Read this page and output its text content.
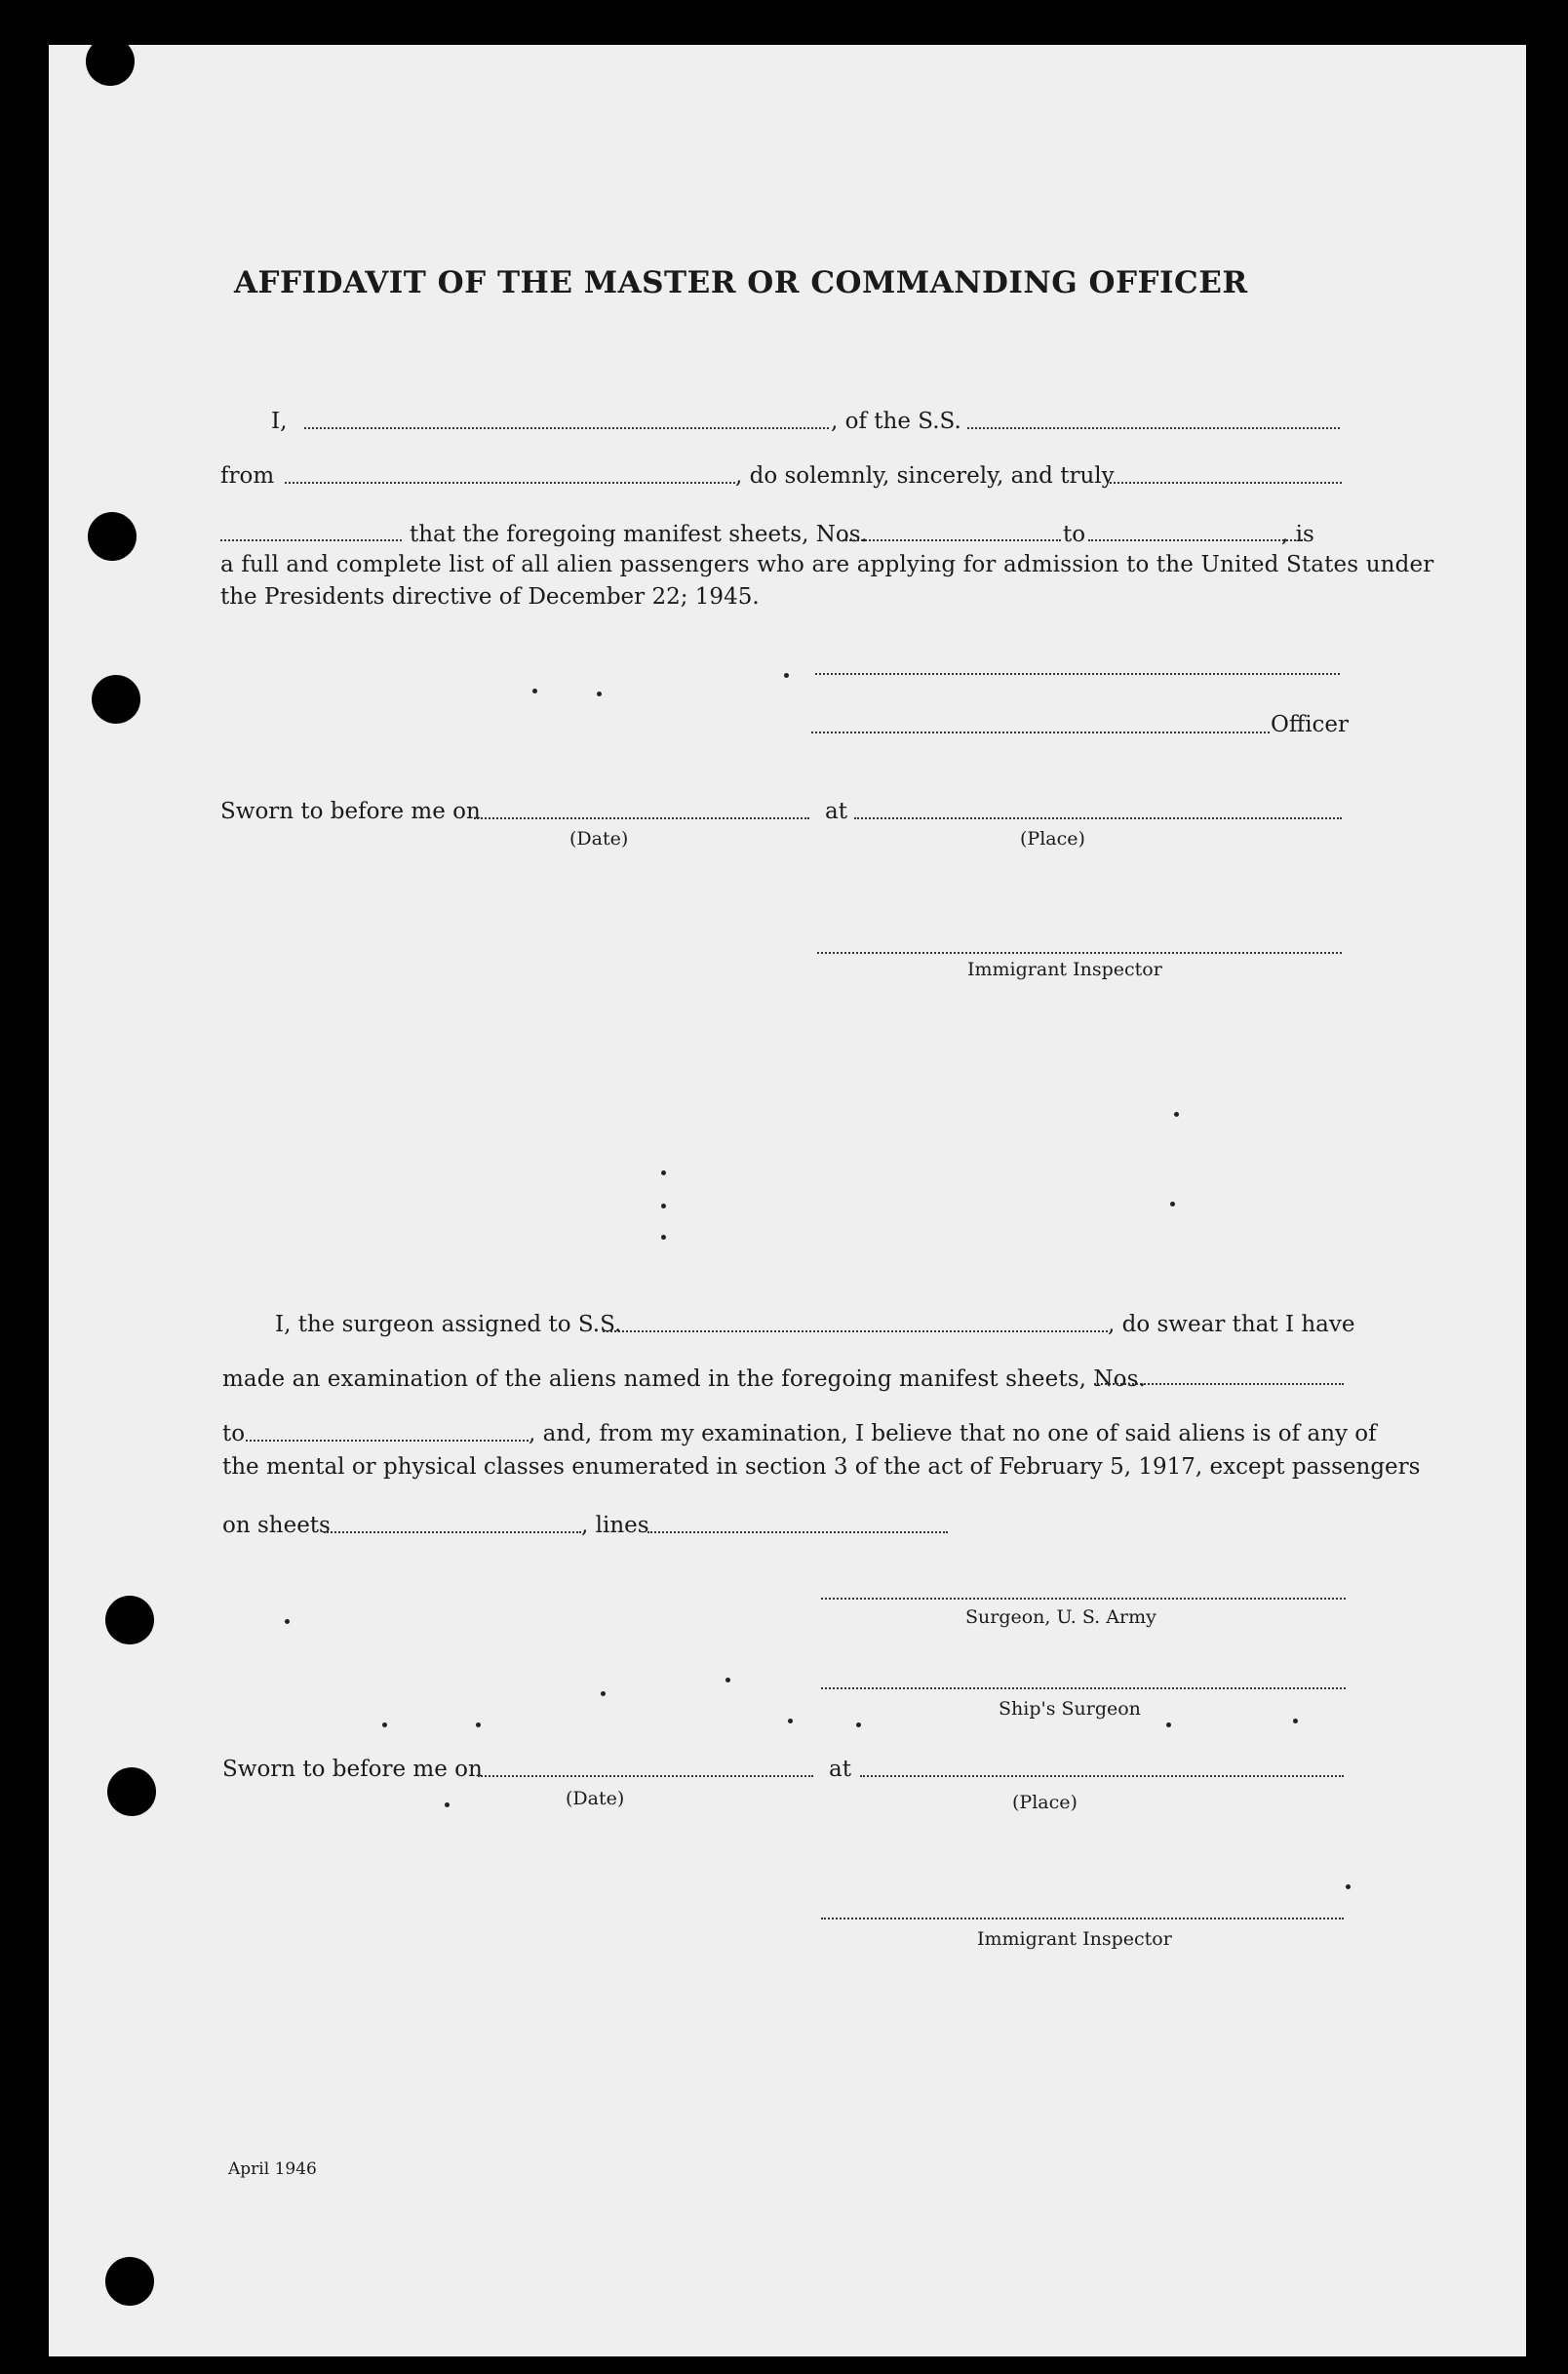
AFFIDAVIT OF THE MASTER OR COMMANDING OFFICER
I,	, of the S.S.
from	, do solemnly, sincerely, and truly
that the foregoing manifest sheets, Nos.	to	, is
a full and complete list of all alien passengers who are applying for admission to the United States under
the Presidents directive of December 22; 1945.
Officer
Sworn to before me on	at
(Date)	(Place)
Immigrant Inspector
I, the surgeon assigned to S.S.	, do swear that I have
made an examination of the aliens named in the foregoing manifest sheets, Nos.
to	, and, from my examination, I believe that no one of said aliens is of any of
the mental or physical classes enumerated in section 3 of the act of February 5, 1917, except passengers
on sheets	, lines
Surgeon, U. S. Army
Ship's Surgeon
Sworn to before me on	at
(Date)	(Place)
Immigrant Inspector
April 1946
